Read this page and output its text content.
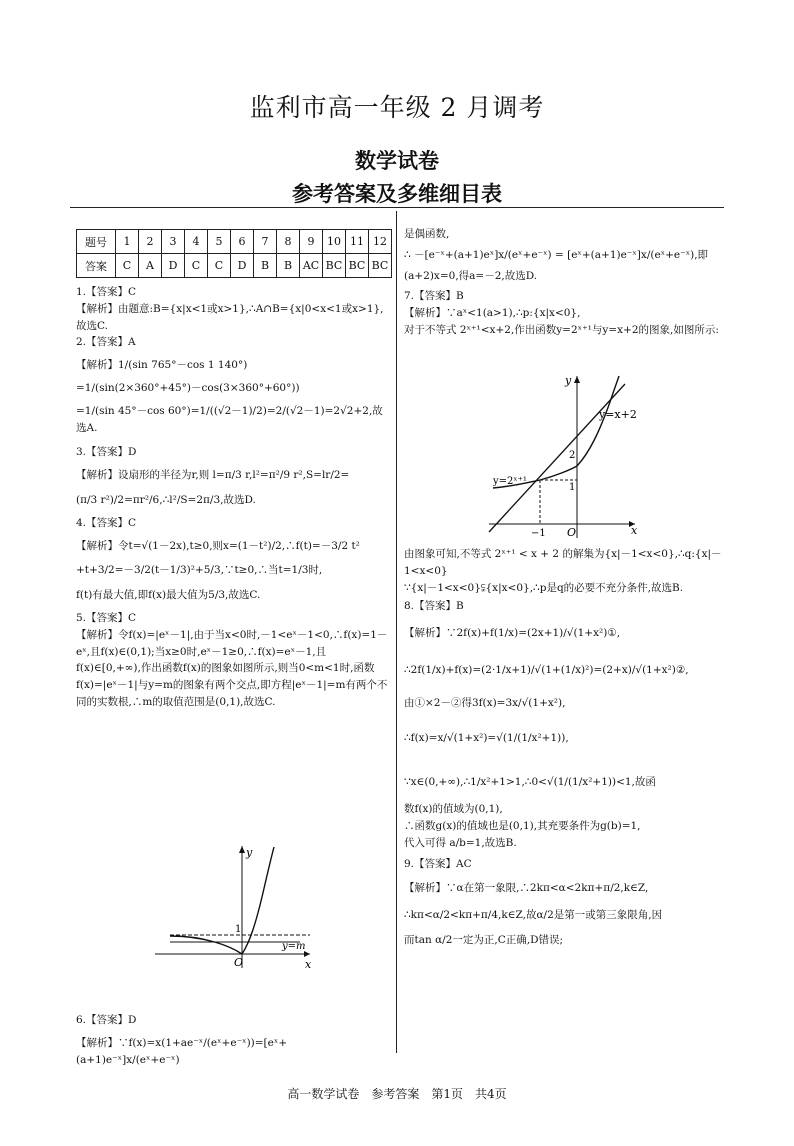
监利市高一年级 2 月调考
数学试卷
参考答案及多维细目表
题号	1	2	3	4	5	6	7	8	9	10	11	12
答案	C	A	D	C	C	D	B	B	AC	BC	BC	BC

1.【答案】C

【解析】由题意:B={x|x<1或x>1},∴A∩B={x|0<x<1或x>1},故选C.

2.【答案】A

【解析】1/(sin 765°－cos 1 140°)

=1/(sin(2×360°+45°)－cos(3×360°+60°))

=1/(sin 45°－cos 60°)=1/((√2－1)/2)=2/(√2－1)=2√2+2,故选A.

3.【答案】D

【解析】设扇形的半径为r,则 l=π/3 r,l²=π²/9 r²,S=lr/2=

(π/3 r²)/2=πr²/6,∴l²/S=2π/3,故选D.

4.【答案】C

【解析】令t=√(1－2x),t≥0,则x=(1－t²)/2,∴f(t)=－3/2 t²

+t+3/2=－3/2(t－1/3)²+5/3,∵t≥0,∴当t=1/3时,

f(t)有最大值,即f(x)最大值为5/3,故选C.

5.【答案】C

【解析】令f(x)=|eˣ－1|,由于当x<0时,－1<eˣ－1<0,∴f(x)=1－eˣ,且f(x)∈(0,1);当x≥0时,eˣ－1≥0,∴f(x)=eˣ－1,且f(x)∈[0,+∞),作出函数f(x)的图象如图所示,则当0<m<1时,函数f(x)=|eˣ－1|与y=m的图象有两个交点,即方程|eˣ－1|=m有两个不同的实数根,∴m的取值范围是(0,1),故选C.

y
x
O
1
y=m

6.【答案】D

【解析】∵f(x)=x(1+ae⁻ˣ/(eˣ+e⁻ˣ))=[eˣ+(a+1)e⁻ˣ]x/(eˣ+e⁻ˣ)

是偶函数,

∴ －[e⁻ˣ+(a+1)eˣ]x/(eˣ+e⁻ˣ) = [eˣ+(a+1)e⁻ˣ]x/(eˣ+e⁻ˣ),即

(a+2)x=0,得a=－2,故选D.

7.【答案】B

【解析】∵aˣ<1(a>1),∴p:{x|x<0},

对于不等式 2ˣ⁺¹<x+2,作出函数y=2ˣ⁺¹与y=x+2的图象,如图所示:

y
x
O
1
2
−1
y=x+2
y=2ˣ⁺¹

由图象可知,不等式 2ˣ⁺¹ < x + 2 的解集为{x|－1<x<0},∴q:{x|－1<x<0}

∵{x|－1<x<0}⫋{x|x<0},∴p是q的必要不充分条件,故选B.

8.【答案】B

【解析】∵2f(x)+f(1/x)=(2x+1)/√(1+x²)①,

∴2f(1/x)+f(x)=(2·1/x+1)/√(1+(1/x)²)=(2+x)/√(1+x²)②,

由①×2－②得3f(x)=3x/√(1+x²),

∴f(x)=x/√(1+x²)=√(1/(1/x²+1)),

∵x∈(0,+∞),∴1/x²+1>1,∴0<√(1/(1/x²+1))<1,故函

数f(x)的值域为(0,1),

∴函数g(x)的值域也是(0,1),其充要条件为g(b)=1,

代入可得 a/b=1,故选B.

9.【答案】AC

【解析】∵α在第一象限,∴2kπ<α<2kπ+π/2,k∈Z,

∴kπ<α/2<kπ+π/4,k∈Z,故α/2是第一或第三象限角,因

而tan α/2一定为正,C正确,D错误;

高一数学试卷　参考答案　第1页　共4页
